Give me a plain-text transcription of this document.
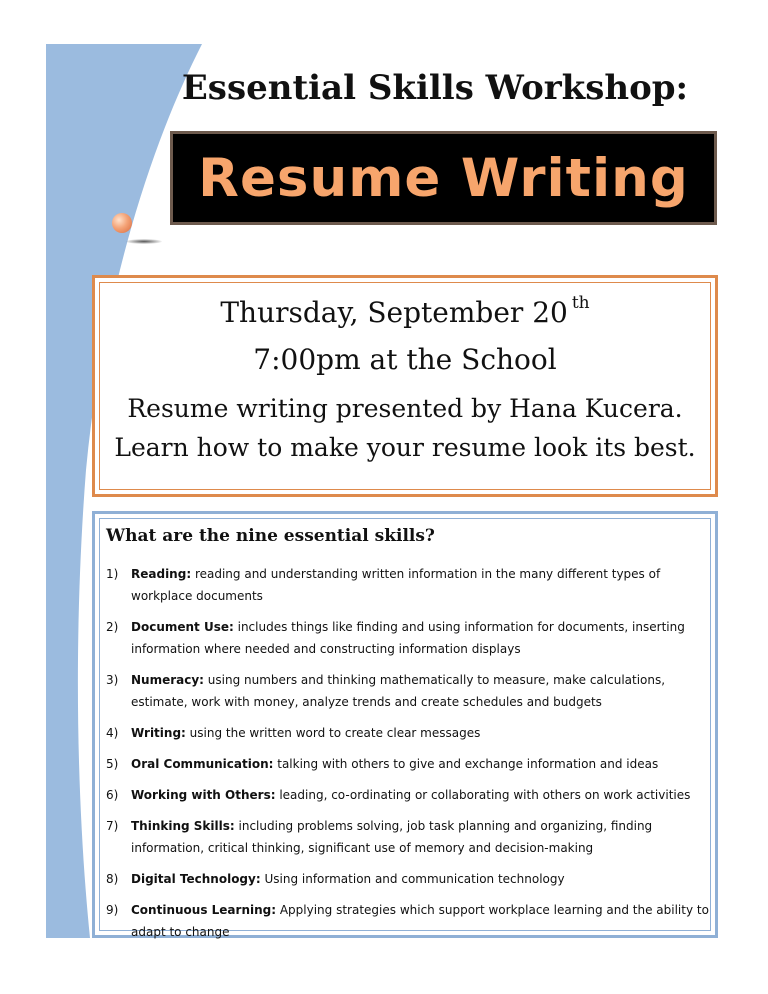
Essential Skills Workshop:
Resume Writing

Thursday, September 20 $^{th}$

7:00pm at the School

Resume writing presented by Hana Kucera.

Learn how to make your resume look its best.

What are the nine essential skills?
1) Reading: reading and understanding written information in the many different types of workplace documents
2) Document Use: includes things like finding and using information for documents, inserting information where needed and constructing information displays
3) Numeracy: using numbers and thinking mathematically to measure, make calculations, estimate, work with money, analyze trends and create schedules and budgets
4) Writing: using the written word to create clear messages
5) Oral Communication: talking with others to give and exchange information and ideas
6) Working with Others: leading, co-ordinating or collaborating with others on work activities
7) Thinking Skills: including problems solving, job task planning and organizing, finding information, critical thinking, significant use of memory and decision-making
8) Digital Technology: Using information and communication technology
9) Continuous Learning: Applying strategies which support workplace learning and the ability to adapt to change
